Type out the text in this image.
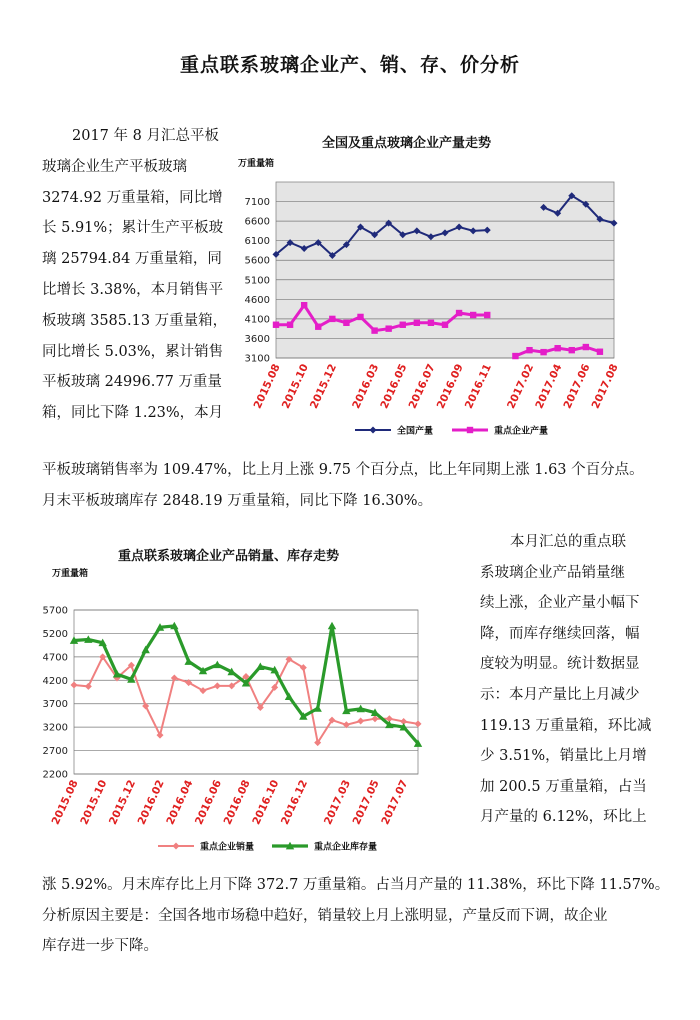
重点联系玻璃企业产、销、存、价分析
2017 年 8 月汇总平板
玻璃企业生产平板玻璃
3274.92 万重量箱，同比增
长 5.91%；累计生产平板玻
璃 25794.84 万重量箱，同
比增长 3.38%，本月销售平
板玻璃 3585.13 万重量箱，
同比增长 5.03%，累计销售
平板玻璃 24996.77 万重量
箱，同比下降 1.23%，本月
平板玻璃销售率为 109.47%，比上月上涨 9.75 个百分点，比上年同期上涨 1.63 个百分点。
月末平板玻璃库存 2848.19 万重量箱，同比下降 16.30%。
全国及重点玻璃企业产量走势
万重量箱
3100
3600
4100
4600
5100
5600
6100
6600
7100
2015.08
2015.10
2015.12 2016.03
2016.05
2016.07
2016.09
2016.11 2017.02
2017.04
2017.06
2017.08
全国产量	重点企业产量
重点联系玻璃企业产品销量、库存走势
万重量箱
2200
2700
3200
3700
4200
4700
5200
5700
2015.08
2015.10
2015.12
2016.02
2016.04
2016.06
2016.08
2016.10
2016.12 2017.03
2017.05
2017.07
重点企业销量	重点企业库存量
本月汇总的重点联
系玻璃企业产品销量继
续上涨，企业产量小幅下
降，而库存继续回落，幅
度较为明显。统计数据显
示：本月产量比上月减少
119.13 万重量箱，环比减
少 3.51%，销量比上月增
加 200.5 万重量箱，占当
月产量的 6.12%，环比上
涨 5.92%。月末库存比上月下降 372.7 万重量箱。占当月产量的 11.38%，环比下降 11.57%。
分析原因主要是：全国各地市场稳中趋好，销量较上月上涨明显，产量反而下调，故企业
库存进一步下降。
